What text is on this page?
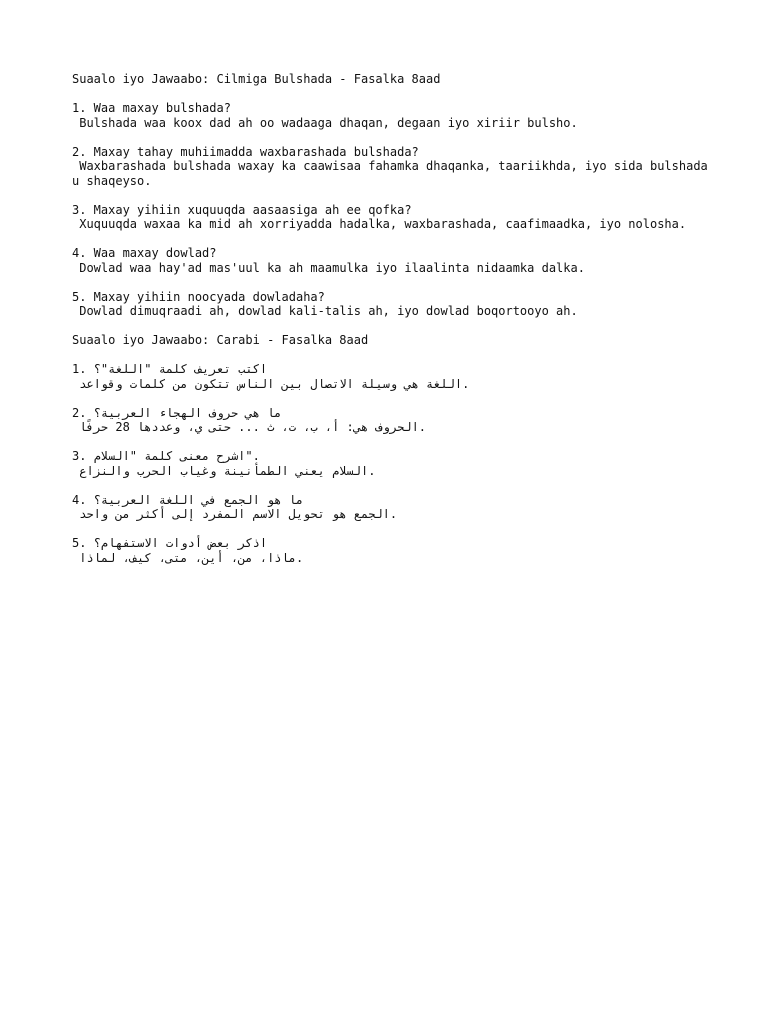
Suaalo iyo Jawaabo: Cilmiga Bulshada - Fasalka 8aad
1. Waa maxay bulshada?
Bulshada waa koox dad ah oo wadaaga dhaqan, degaan iyo xiriir bulsho.
2. Maxay tahay muhiimadda waxbarashada bulshada?
Waxbarashada bulshada waxay ka caawisaa fahamka dhaqanka, taariikhda, iyo sida bulshada u shaqeyso.
3. Maxay yihiin xuquuqda aasaasiga ah ee qofka?
Xuquuqda waxaa ka mid ah xorriyadda hadalka, waxbarashada, caafimaadka, iyo nolosha.
4. Waa maxay dowlad?
Dowlad waa hay'ad mas'uul ka ah maamulka iyo ilaalinta nidaamka dalka.
5. Maxay yihiin noocyada dowladaha?
Dowlad dimuqraadi ah, dowlad kali-talis ah, iyo dowlad boqortooyo ah.
Suaalo iyo Jawaabo: Carabi - Fasalka 8aad
1. اكتب تعريف كلمة "اللغة"؟
اللغة هي وسيلة الاتصال بين الناس تتكون من كلمات وقواعد.
2. ما هي حروف الهجاء العربية؟
الحروف هي: أ، ب، ت، ث ... حتى ي، وعددها 28 حرفًا.
3. اشرح معنى كلمة "السلام".
السلام يعني الطمأنينة وغياب الحرب والنزاع.
4. ما هو الجمع في اللغة العربية؟
الجمع هو تحويل الاسم المفرد إلى أكثر من واحد.
5. اذكر بعض أدوات الاستفهام؟
ماذا، من، أين، متى، كيف، لماذا.
